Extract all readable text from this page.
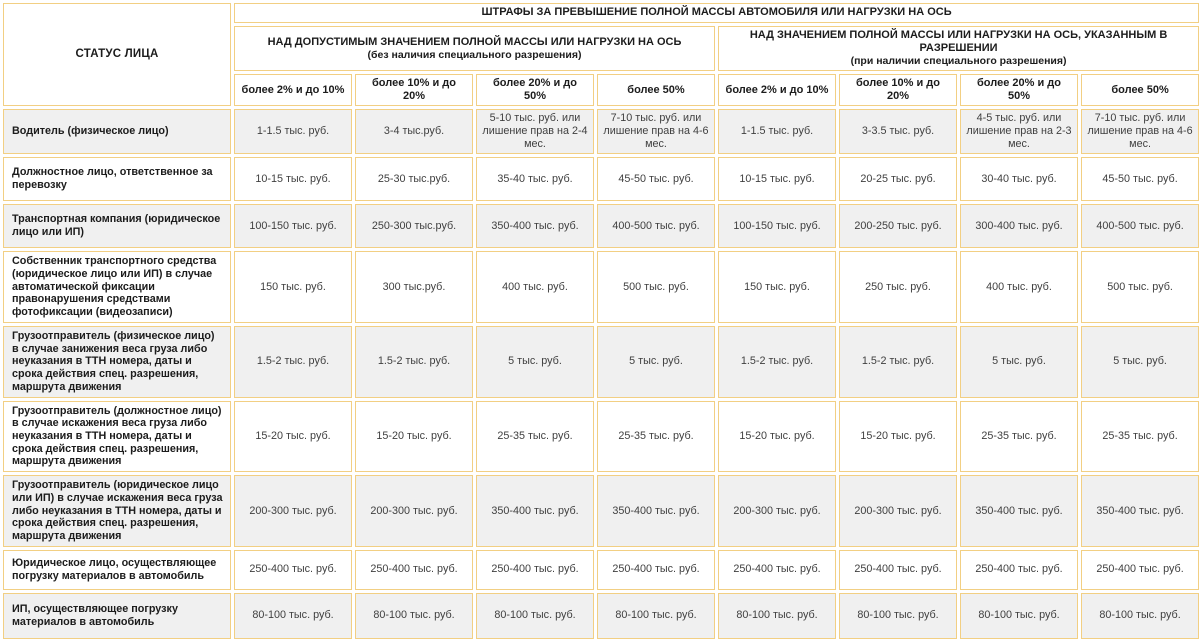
СТАТУС ЛИЦА	ШТРАФЫ ЗА ПРЕВЫШЕНИЕ ПОЛНОЙ МАССЫ АВТОМОБИЛЯ ИЛИ НАГРУЗКИ НА ОСЬ							

НАД ДОПУСТИМЫМ ЗНАЧЕНИЕМ ПОЛНОЙ МАССЫ ИЛИ НАГРУЗКИ НА ОСЬ
(без наличия специального разрешения)

НАД ЗНАЧЕНИЕМ ПОЛНОЙ МАССЫ ИЛИ НАГРУЗКИ НА ОСЬ, УКАЗАННЫМ В РАЗРЕШЕНИИ
(при наличии специального разрешения)

	более 2% и до 10%	более 10% и до 20%	более 20% и до 50%	более 50%	более 2% и до 10%	более 10% и до 20%	более 20% и до 50%	более 50%
Водитель (физическое лицо)	1-1.5 тыс. руб.	3-4 тыс.руб.	5-10 тыс. руб. или лишение прав на 2-4 мес.	7-10 тыс. руб. или лишение прав на 4-6 мес.	1-1.5 тыс. руб.	3-3.5 тыс. руб.	4-5 тыс. руб. или лишение прав на 2-3 мес.	7-10 тыс. руб. или лишение прав на 4-6 мес.
Должностное лицо, ответственное за перевозку	10-15 тыс. руб.	25-30 тыс.руб.	35-40 тыс. руб.	45-50 тыс. руб.	10-15 тыс. руб.	20-25 тыс. руб.	30-40 тыс. руб.	45-50 тыс. руб.
Транспортная компания (юридическое лицо или ИП)	100-150 тыс. руб.	250-300 тыс.руб.	350-400 тыс. руб.	400-500 тыс. руб.	100-150 тыс. руб.	200-250 тыс. руб.	300-400 тыс. руб.	400-500 тыс. руб.
Собственник транспортного средства (юридическое лицо или ИП) в случае автоматической фиксации правонарушения средствами фотофиксации (видеозаписи)	150 тыс. руб.	300 тыс.руб.	400 тыс. руб.	500 тыс. руб.	150 тыс. руб.	250 тыс. руб.	400 тыс. руб.	500 тыс. руб.
Грузоотправитель (физическое лицо) в случае занижения веса груза либо неуказания в ТТН номера, даты и срока действия спец. разрешения, маршрута движения	1.5-2 тыс. руб.	1.5-2 тыс. руб.	5 тыс. руб.	5 тыс. руб.	1.5-2 тыс. руб.	1.5-2 тыс. руб.	5 тыс. руб.	5 тыс. руб.
Грузоотправитель (должностное лицо) в случае искажения веса груза либо неуказания в ТТН номера, даты и срока действия спец. разрешения, маршрута движения	15-20 тыс. руб.	15-20 тыс. руб.	25-35 тыс. руб.	25-35 тыс. руб.	15-20 тыс. руб.	15-20 тыс. руб.	25-35 тыс. руб.	25-35 тыс. руб.
Грузоотправитель (юридическое лицо или ИП) в случае искажения веса груза либо неуказания в ТТН номера, даты и срока действия спец. разрешения, маршрута движения	200-300 тыс. руб.	200-300 тыс. руб.	350-400 тыс. руб.	350-400 тыс. руб.	200-300 тыс. руб.	200-300 тыс. руб.	350-400 тыс. руб.	350-400 тыс. руб.
Юридическое лицо, осуществляющее погрузку материалов в автомобиль	250-400 тыс. руб.	250-400 тыс. руб.	250-400 тыс. руб.	250-400 тыс. руб.	250-400 тыс. руб.	250-400 тыс. руб.	250-400 тыс. руб.	250-400 тыс. руб.
ИП, осуществляющее погрузку материалов в автомобиль	80-100 тыс. руб.	80-100 тыс. руб.	80-100 тыс. руб.	80-100 тыс. руб.	80-100 тыс. руб.	80-100 тыс. руб.	80-100 тыс. руб.	80-100 тыс. руб.
